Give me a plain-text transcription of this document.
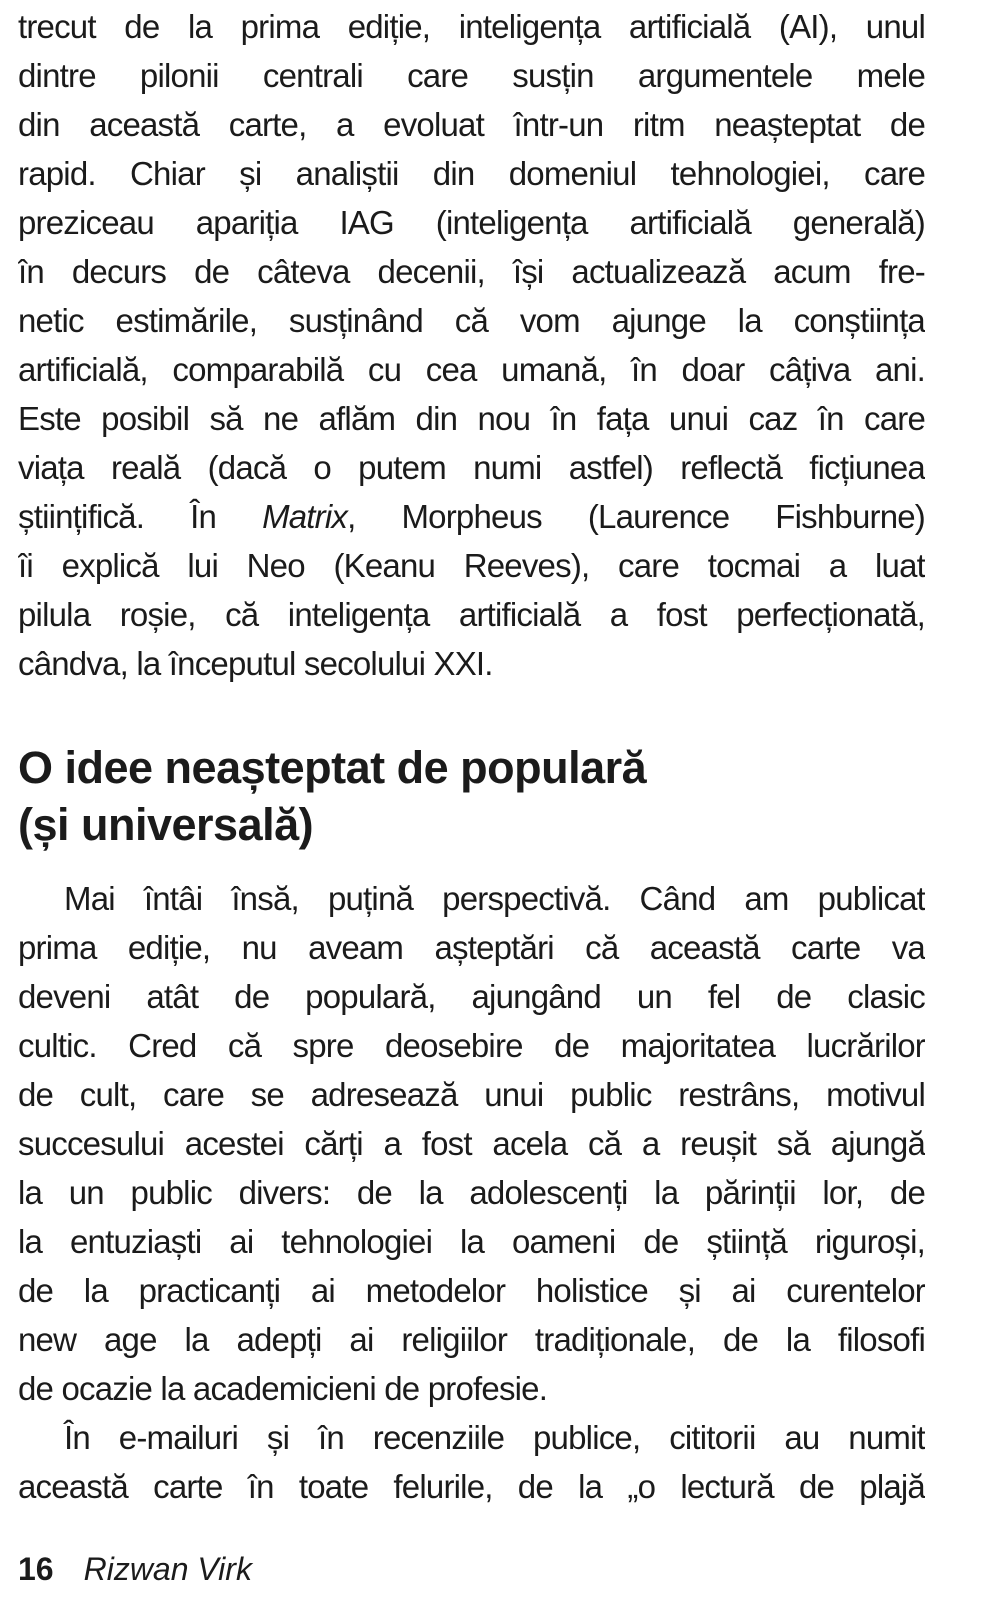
trecut de la prima ediție, inteligența artificială (AI), unul
dintre pilonii centrali care susțin argumentele mele
din această carte, a evoluat într-un ritm neașteptat de
rapid. Chiar și analiștii din domeniul tehnologiei, care
preziceau apariția IAG (inteligența artificială generală)
în decurs de câteva decenii, își actualizează acum fre-
netic estimările, susținând că vom ajunge la conștiința
artificială, comparabilă cu cea umană, în doar câțiva ani.
Este posibil să ne aflăm din nou în fața unui caz în care
viața reală (dacă o putem numi astfel) reflectă ficțiunea
științifică. În Matrix, Morpheus (Laurence Fishburne)
îi explică lui Neo (Keanu Reeves), care tocmai a luat
pilula roșie, că inteligența artificială a fost perfecționată,
cândva, la începutul secolului XXI.
O idee neașteptat de populară
(și universală)
Mai întâi însă, puțină perspectivă. Când am publicat
prima ediție, nu aveam așteptări că această carte va
deveni atât de populară, ajungând un fel de clasic
cultic. Cred că spre deosebire de majoritatea lucrărilor
de cult, care se adresează unui public restrâns, motivul
succesului acestei cărți a fost acela că a reușit să ajungă
la un public divers: de la adolescenți la părinții lor, de
la entuziaști ai tehnologiei la oameni de știință riguroși,
de la practicanți ai metodelor holistice și ai curentelor
new age la adepți ai religiilor tradiționale, de la filosofi
de ocazie la academicieni de profesie.
În e-mailuri și în recenziile publice, cititorii au numit
această carte în toate felurile, de la „o lectură de plajă
16 Rizwan Virk
